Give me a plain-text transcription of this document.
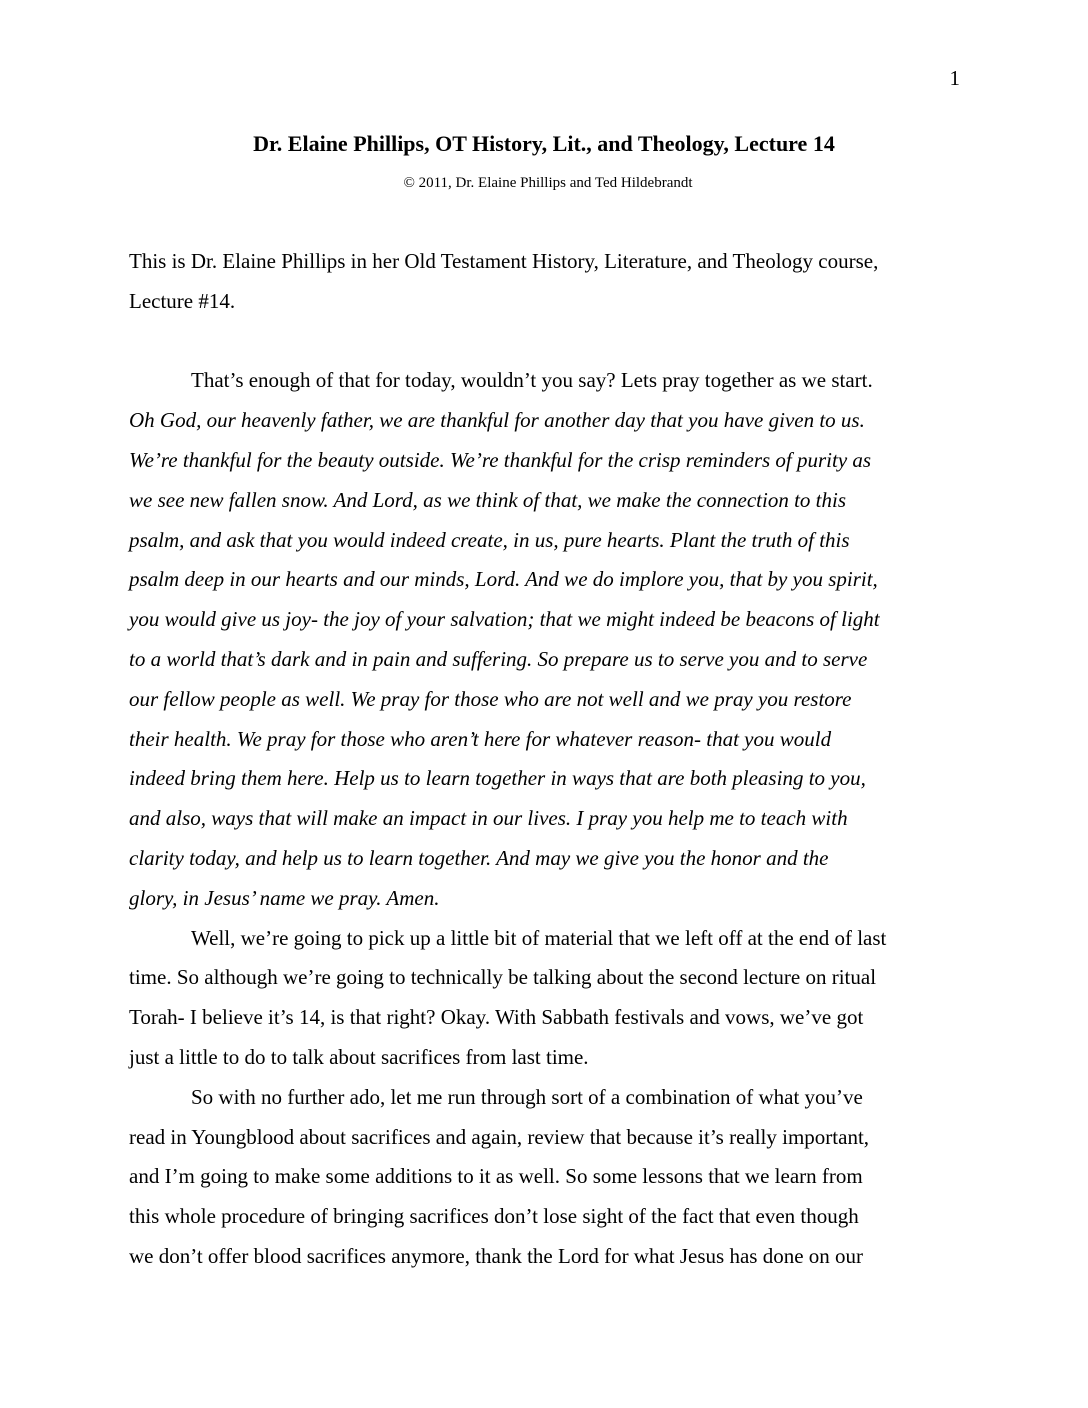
1
Dr. Elaine Phillips, OT History, Lit., and Theology, Lecture 14
© 2011, Dr. Elaine Phillips and Ted Hildebrandt

This is Dr. Elaine Phillips in her Old Testament History, Literature, and Theology course,
Lecture #14.

That’s enough of that for today, wouldn’t you say? Lets pray together as we start.
Oh God, our heavenly father, we are thankful for another day that you have given to us.
We’re thankful for the beauty outside. We’re thankful for the crisp reminders of purity as
we see new fallen snow. And Lord, as we think of that, we make the connection to this
psalm, and ask that you would indeed create, in us, pure hearts. Plant the truth of this
psalm deep in our hearts and our minds, Lord. And we do implore you, that by you spirit,
you would give us joy- the joy of your salvation; that we might indeed be beacons of light
to a world that’s dark and in pain and suffering. So prepare us to serve you and to serve
our fellow people as well. We pray for those who are not well and we pray you restore
their health. We pray for those who aren’t here for whatever reason- that you would
indeed bring them here. Help us to learn together in ways that are both pleasing to you,
and also, ways that will make an impact in our lives. I pray you help me to teach with
clarity today, and help us to learn together. And may we give you the honor and the
glory, in Jesus’ name we pray. Amen.

Well, we’re going to pick up a little bit of material that we left off at the end of last
time. So although we’re going to technically be talking about the second lecture on ritual
Torah- I believe it’s 14, is that right? Okay. With Sabbath festivals and vows, we’ve got
just a little to do to talk about sacrifices from last time.

So with no further ado, let me run through sort of a combination of what you’ve
read in Youngblood about sacrifices and again, review that because it’s really important,
and I’m going to make some additions to it as well. So some lessons that we learn from
this whole procedure of bringing sacrifices don’t lose sight of the fact that even though
we don’t offer blood sacrifices anymore, thank the Lord for what Jesus has done on our
